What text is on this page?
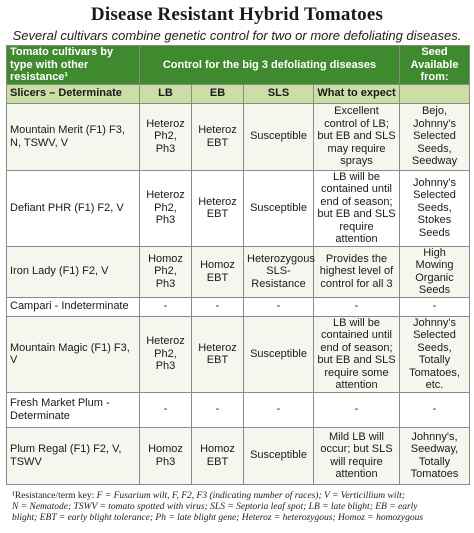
Disease Resistant Hybrid Tomatoes
Several cultivars combine genetic control for two or more defoliating diseases.
Tomato cultivars by type with other resistance¹	Control for the big 3 defoliating diseases				Seed Available from:
Slicers – Determinate	LB	EB	SLS	What to expect	
Mountain Merit (F1) F3, N, TSWV, V	Heteroz Ph2, Ph3	Heteroz EBT	Susceptible	Excellent control of LB; but EB and SLS may require sprays	Bejo, Johnny's Selected Seeds, Seedway
Defiant PHR (F1) F2, V	Heteroz Ph2, Ph3	Heteroz EBT	Susceptible	LB will be contained until end of season; but EB and SLS require attention	Johnny's Selected Seeds, Stokes Seeds
Iron Lady (F1) F2, V	Homoz Ph2, Ph3	Homoz EBT	Heterozygous SLS-Resistance	Provides the highest level of control for all 3	High Mowing Organic Seeds
Campari - Indeterminate	-	-	-	-	-
Mountain Magic (F1) F3, V	Heteroz Ph2, Ph3	Heteroz EBT	Susceptible	LB will be contained until end of season; but EB and SLS require some attention	Johnny's Selected Seeds, Totally Tomatoes, etc.
Fresh Market Plum - Determinate	-	-	-	-	-
Plum Regal (F1) F2, V, TSWV	Homoz Ph3	Homoz EBT	Susceptible	Mild LB will occur; but SLS will require attention	Johnny's, Seedway, Totally Tomatoes
¹Resistance/term key: F = Fusarium wilt, F, F2, F3 (indicating number of races); V = Verticillium wilt;
N = Nematode; TSWV = tomato spotted with virus; SLS = Septoria leaf spot; LB = late blight; EB = early
blight; EBT = early blight tolerance; Ph = late blight gene; Heteroz = heterozygous; Homoz = homozygous
